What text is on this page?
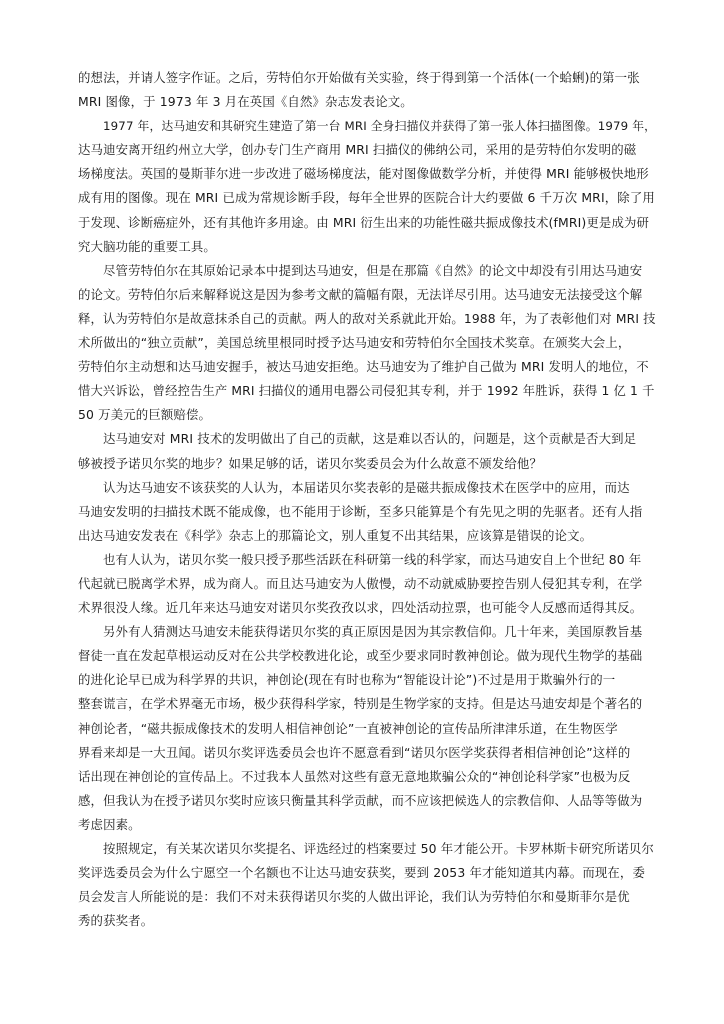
的想法，并请人签字作证。之后，劳特伯尔开始做有关实验，终于得到第一个活体(一个蛤蜊)的第一张
MRI 图像，于 1973 年 3 月在英国《自然》杂志发表论文。
1977 年，达马迪安和其研究生建造了第一台 MRI 全身扫描仪并获得了第一张人体扫描图像。1979 年，
达马迪安离开纽约州立大学，创办专门生产商用 MRI 扫描仪的佛纳公司，采用的是劳特伯尔发明的磁
场梯度法。英国的曼斯菲尔进一步改进了磁场梯度法，能对图像做数学分析，并使得 MRI 能够极快地形
成有用的图像。现在 MRI 已成为常规诊断手段，每年全世界的医院合计大约要做 6 千万次 MRI，除了用
于发现、诊断癌症外，还有其他许多用途。由 MRI 衍生出来的功能性磁共振成像技术(fMRI)更是成为研
究大脑功能的重要工具。
尽管劳特伯尔在其原始记录本中提到达马迪安，但是在那篇《自然》的论文中却没有引用达马迪安
的论文。劳特伯尔后来解释说这是因为参考文献的篇幅有限，无法详尽引用。达马迪安无法接受这个解
释，认为劳特伯尔是故意抹杀自己的贡献。两人的敌对关系就此开始。1988 年，为了表彰他们对 MRI 技
术所做出的“独立贡献”，美国总统里根同时授予达马迪安和劳特伯尔全国技术奖章。在颁奖大会上，
劳特伯尔主动想和达马迪安握手，被达马迪安拒绝。达马迪安为了维护自己做为 MRI 发明人的地位，不
惜大兴诉讼，曾经控告生产 MRI 扫描仪的通用电器公司侵犯其专利，并于 1992 年胜诉，获得 1 亿 1 千
50 万美元的巨额赔偿。
达马迪安对 MRI 技术的发明做出了自己的贡献，这是难以否认的，问题是，这个贡献是否大到足
够被授予诺贝尔奖的地步？如果足够的话，诺贝尔奖委员会为什么故意不颁发给他？
认为达马迪安不该获奖的人认为，本届诺贝尔奖表彰的是磁共振成像技术在医学中的应用，而达
马迪安发明的扫描技术既不能成像，也不能用于诊断，至多只能算是个有先见之明的先驱者。还有人指
出达马迪安发表在《科学》杂志上的那篇论文，别人重复不出其结果，应该算是错误的论文。
也有人认为，诺贝尔奖一般只授予那些活跃在科研第一线的科学家，而达马迪安自上个世纪 80 年
代起就已脱离学术界，成为商人。而且达马迪安为人傲慢，动不动就威胁要控告别人侵犯其专利，在学
术界很没人缘。近几年来达马迪安对诺贝尔奖孜孜以求，四处活动拉票，也可能令人反感而适得其反。
另外有人猜测达马迪安未能获得诺贝尔奖的真正原因是因为其宗教信仰。几十年来，美国原教旨基
督徒一直在发起草根运动反对在公共学校教进化论，或至少要求同时教神创论。做为现代生物学的基础
的进化论早已成为科学界的共识，神创论(现在有时也称为“智能设计论”)不过是用于欺骗外行的一
整套谎言，在学术界毫无市场，极少获得科学家，特别是生物学家的支持。但是达马迪安却是个著名的
神创论者，“磁共振成像技术的发明人相信神创论”一直被神创论的宣传品所津津乐道，在生物医学
界看来却是一大丑闻。诺贝尔奖评选委员会也许不愿意看到“诺贝尔医学奖获得者相信神创论”这样的
话出现在神创论的宣传品上。不过我本人虽然对这些有意无意地欺骗公众的“神创论科学家”也极为反
感，但我认为在授予诺贝尔奖时应该只衡量其科学贡献，而不应该把候选人的宗教信仰、人品等等做为
考虑因素。
按照规定，有关某次诺贝尔奖提名、评选经过的档案要过 50 年才能公开。卡罗林斯卡研究所诺贝尔
奖评选委员会为什么宁愿空一个名额也不让达马迪安获奖，要到 2053 年才能知道其内幕。而现在，委
员会发言人所能说的是：我们不对未获得诺贝尔奖的人做出评论，我们认为劳特伯尔和曼斯菲尔是优
秀的获奖者。
